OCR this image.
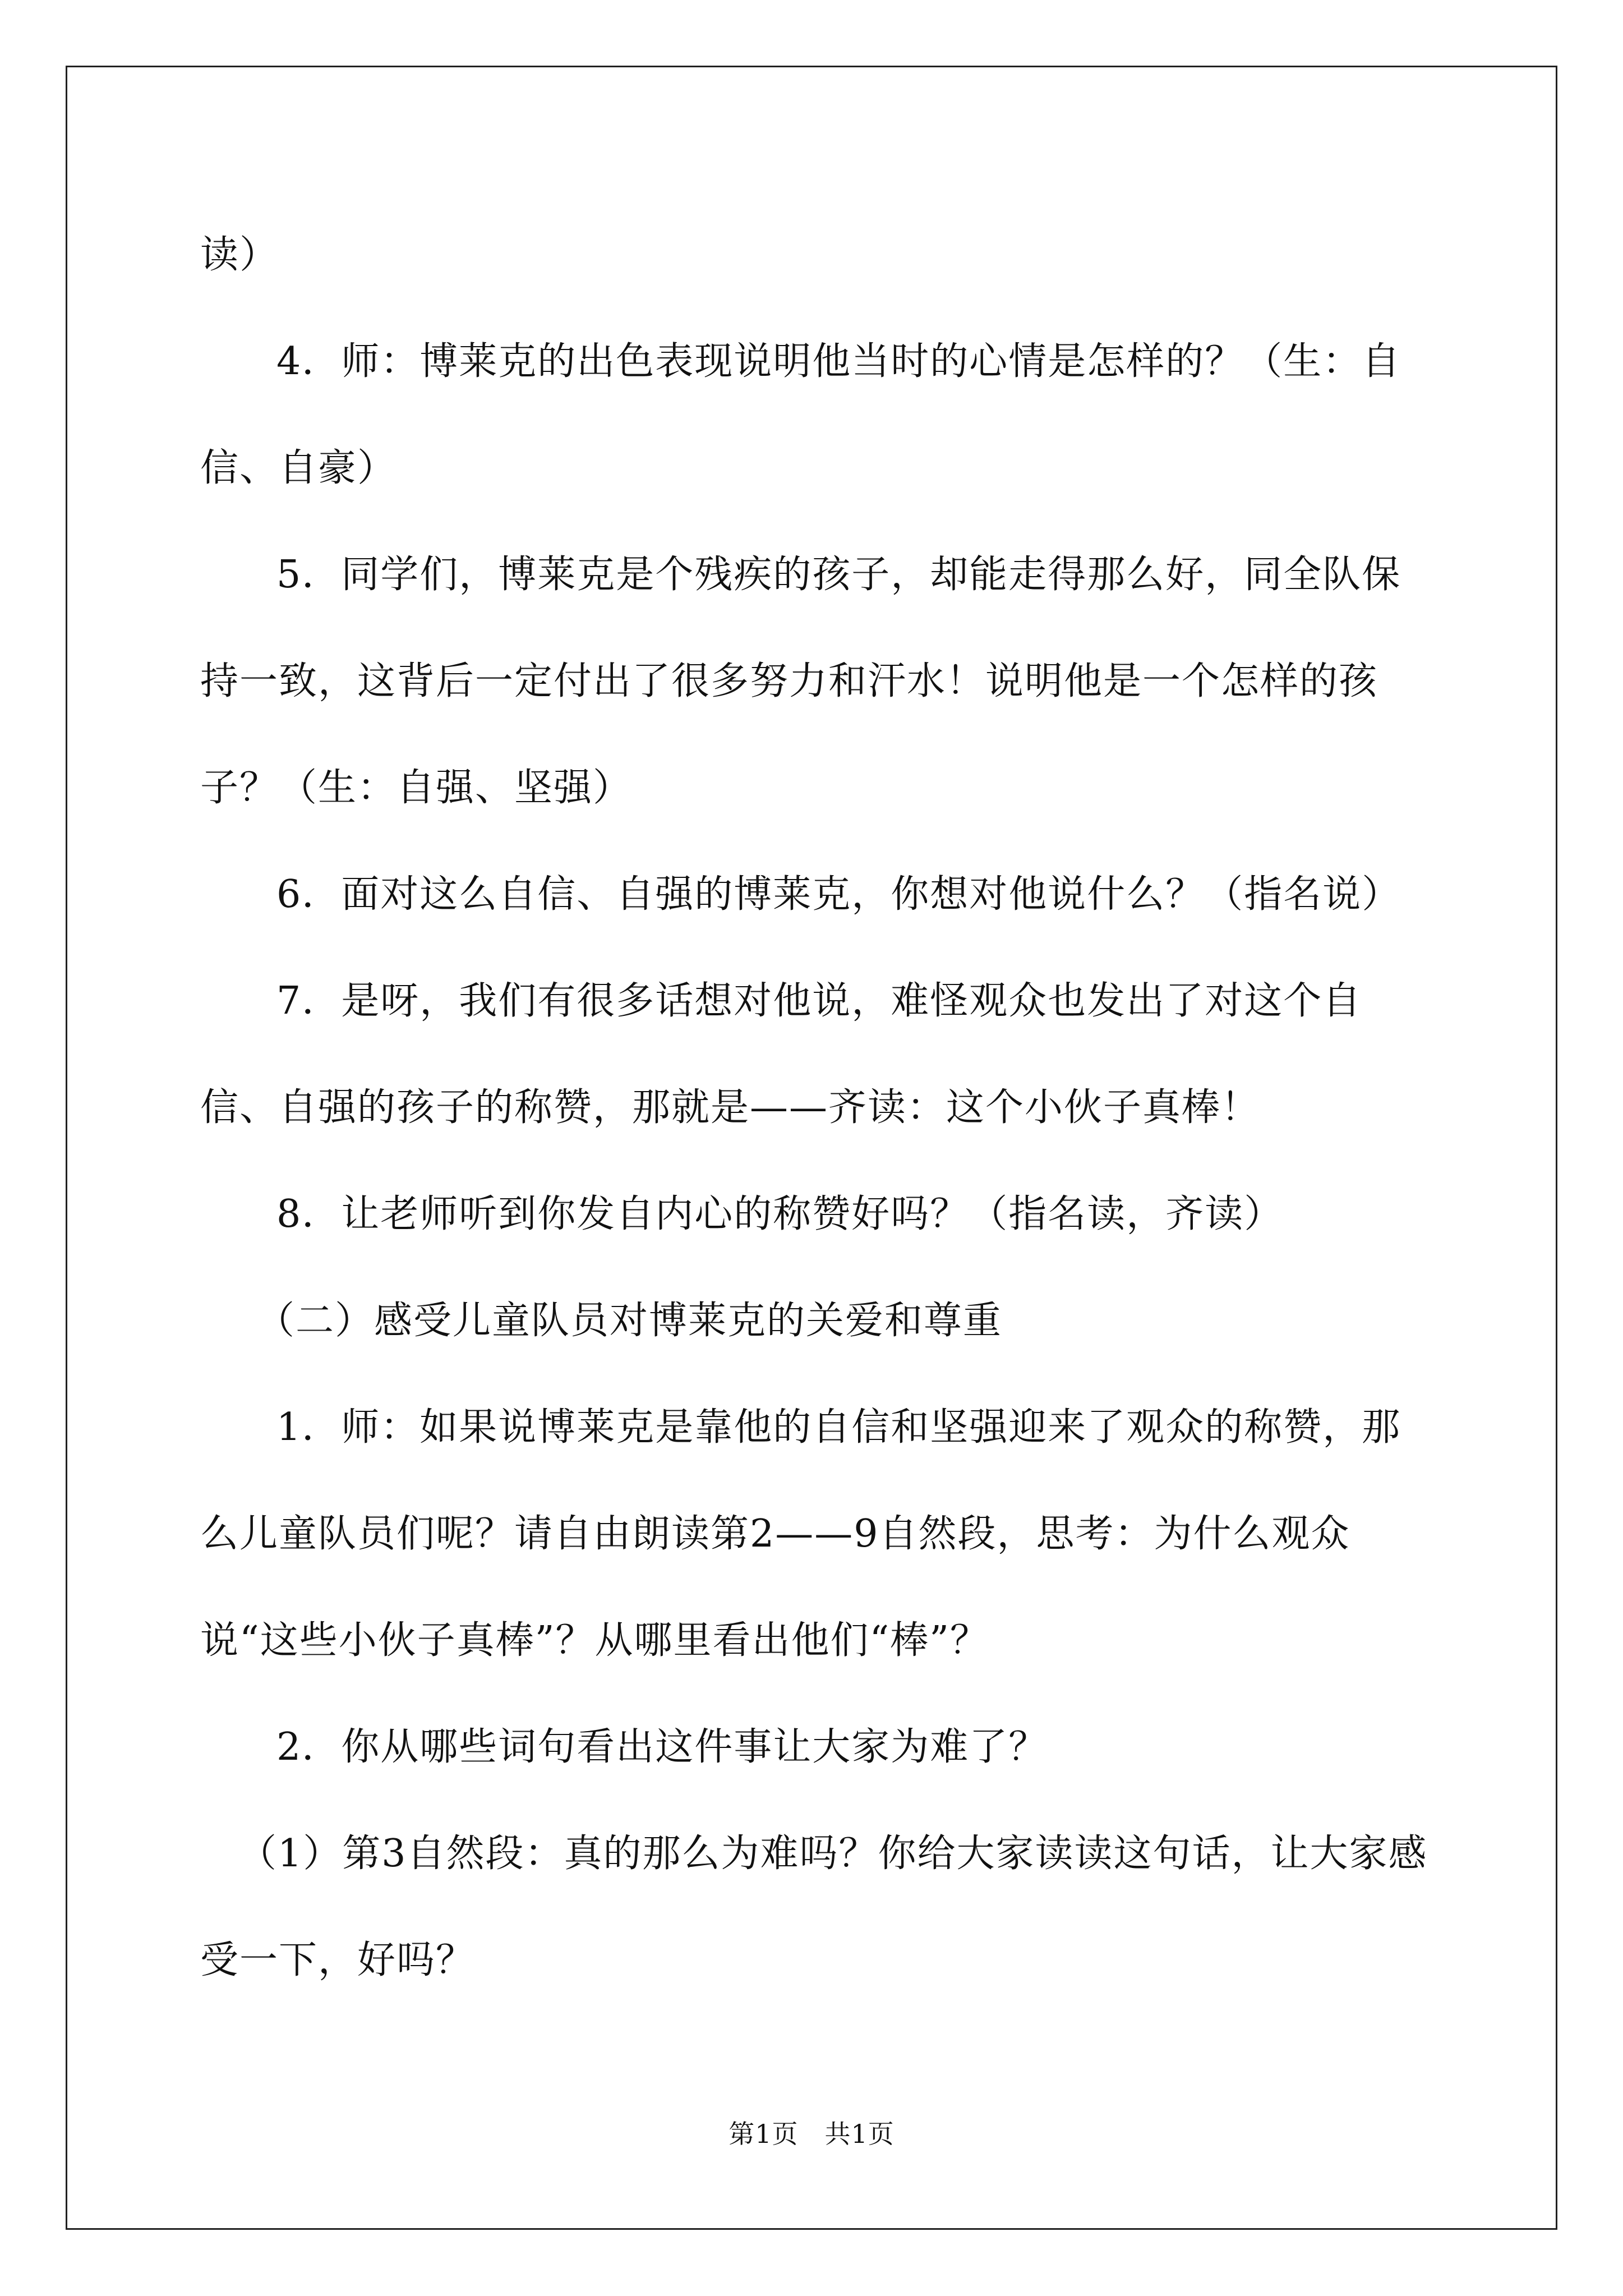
读）

4．师：博莱克的出色表现说明他当时的心情是怎样的？（生：自信、自豪）

5．同学们，博莱克是个残疾的孩子，却能走得那么好，同全队保持一致，这背后一定付出了很多努力和汗水！说明他是一个怎样的孩子？（生：自强、坚强）

6．面对这么自信、自强的博莱克，你想对他说什么？（指名说）

7．是呀，我们有很多话想对他说，难怪观众也发出了对这个自信、自强的孩子的称赞，那就是——齐读：这个小伙子真棒！

8．让老师听到你发自内心的称赞好吗？（指名读，齐读）

（二）感受儿童队员对博莱克的关爱和尊重

1．师：如果说博莱克是靠他的自信和坚强迎来了观众的称赞，那么儿童队员们呢？请自由朗读第2——9自然段，思考：为什么观众说“这些小伙子真棒”？从哪里看出他们“棒”？

2．你从哪些词句看出这件事让大家为难了？

（1）第3自然段：真的那么为难吗？你给大家读读这句话，让大家感受一下，好吗？

第1页　共1页
